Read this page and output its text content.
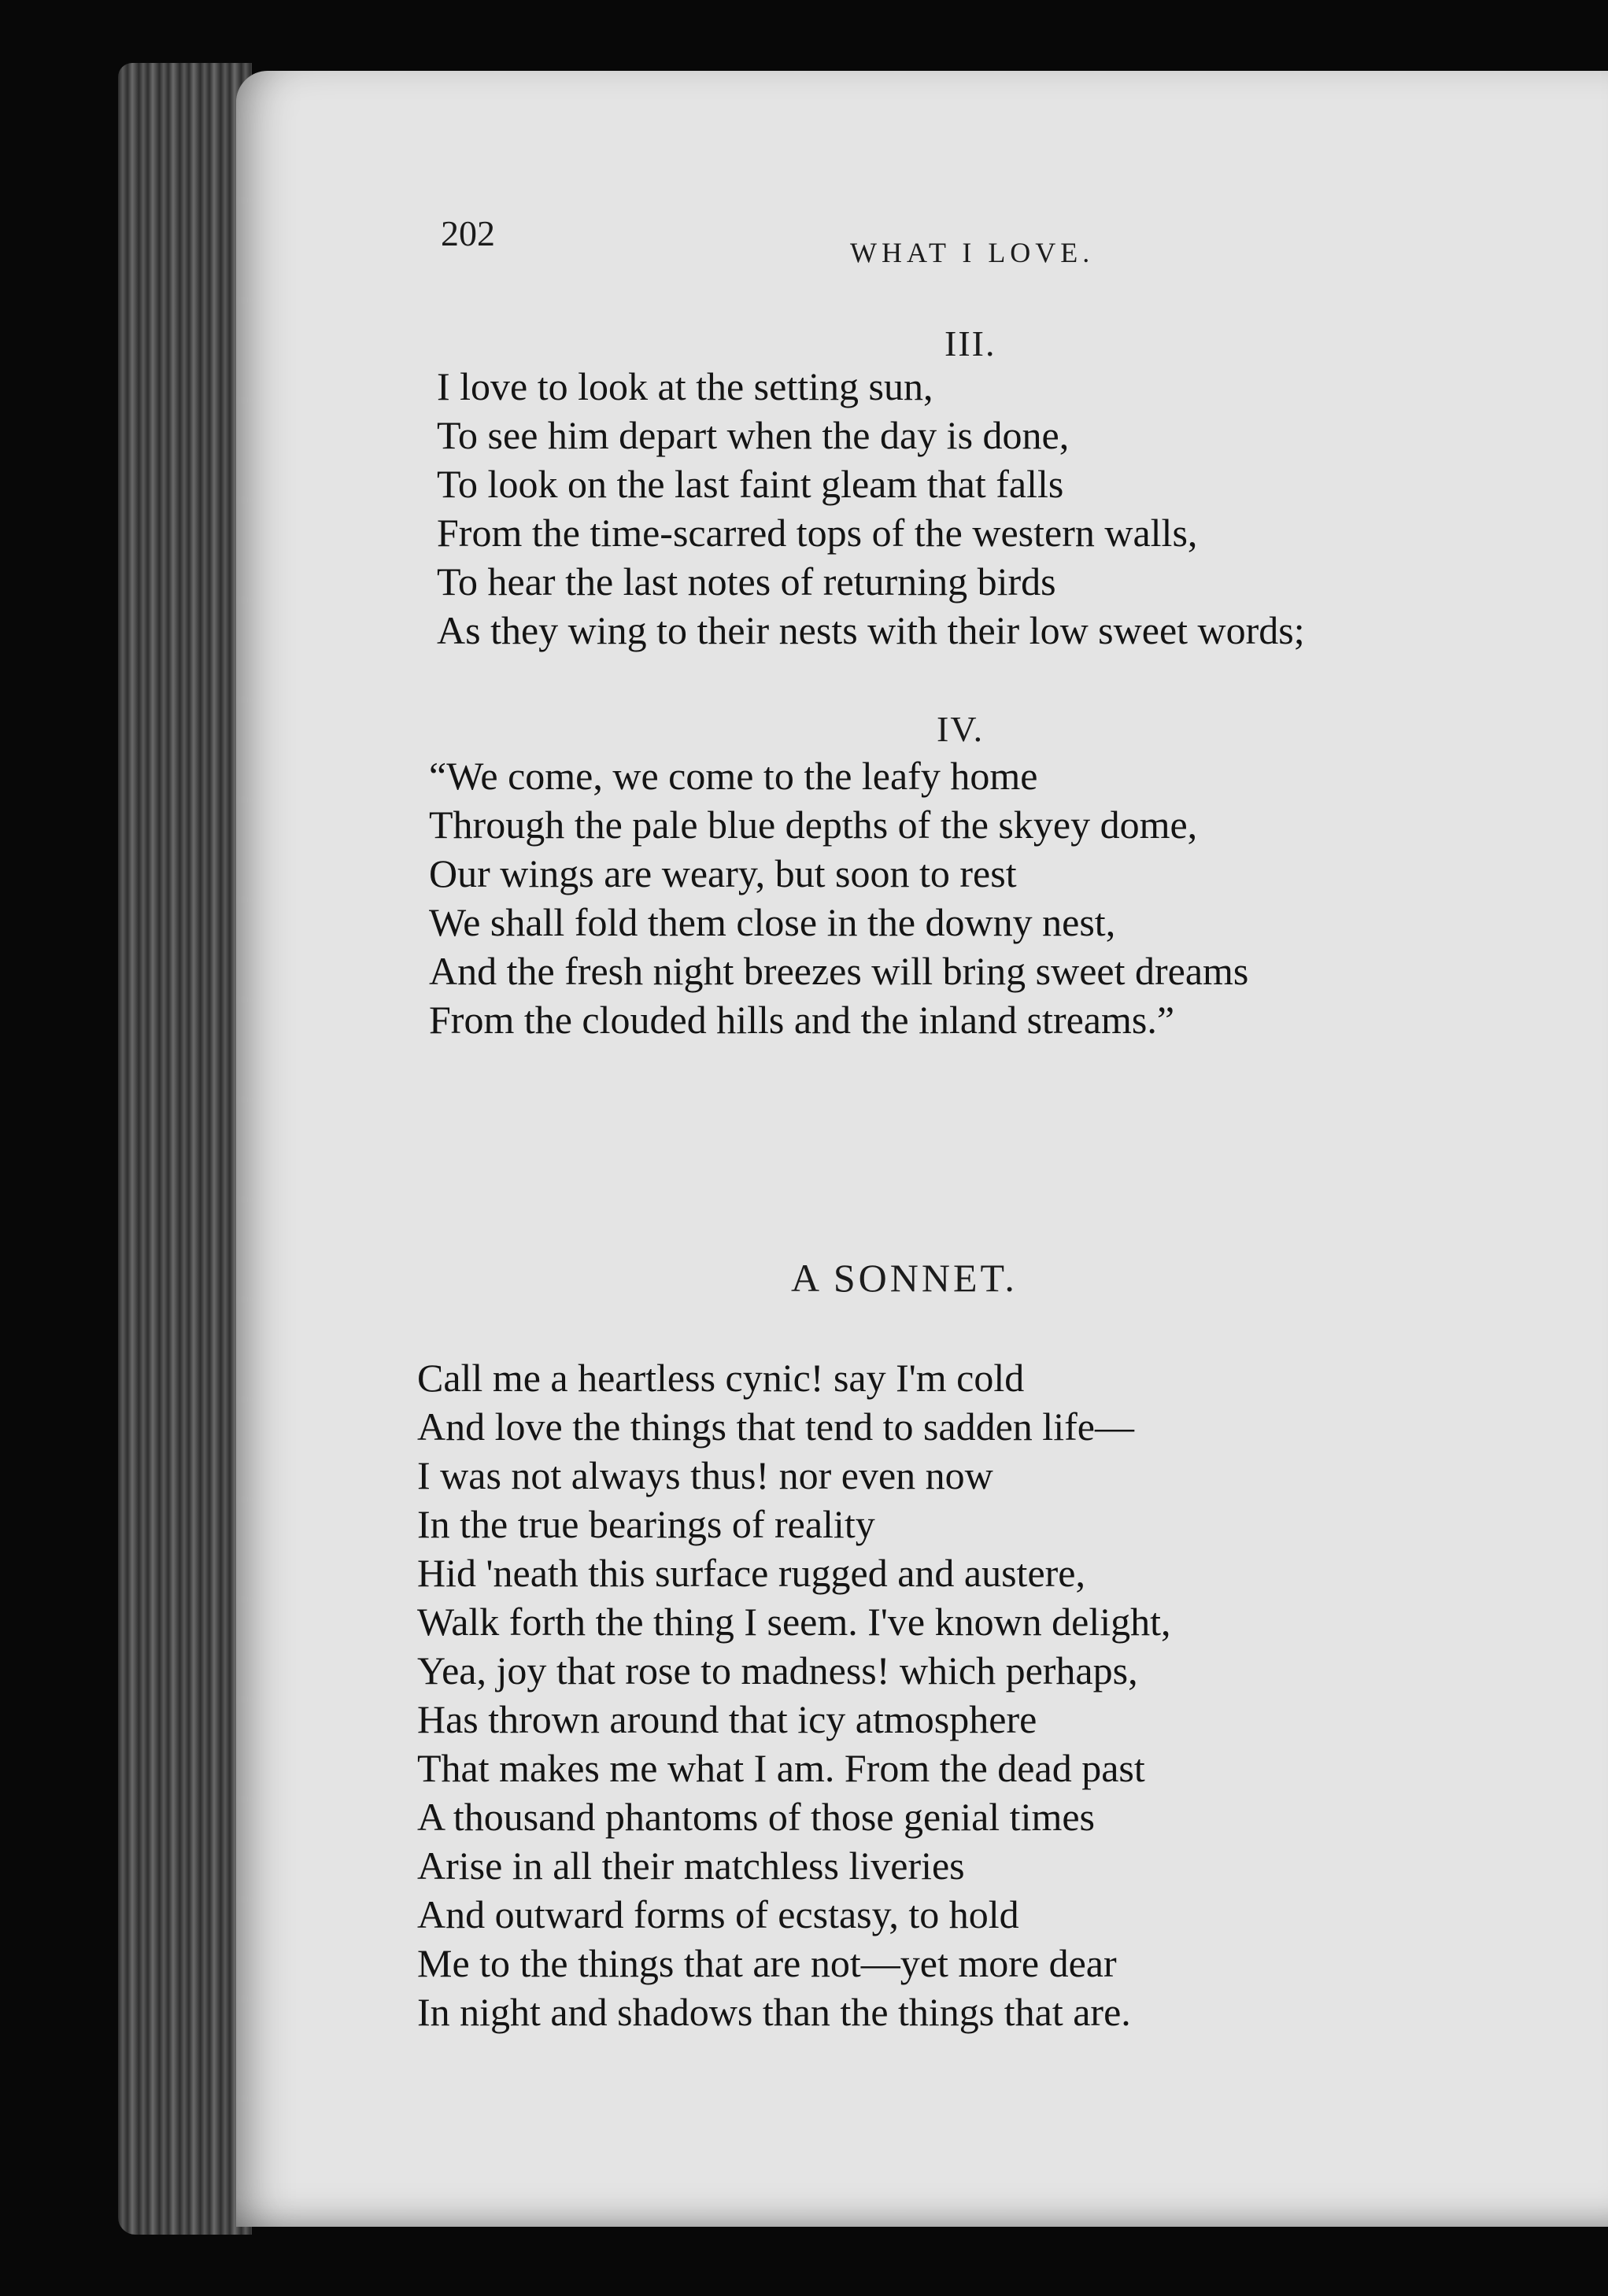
202	WHAT I LOVE.
III.
I love to look at the setting sun,
To see him depart when the day is done,
To look on the last faint gleam that falls
From the time-scarred tops of the western walls,
To hear the last notes of returning birds
As they wing to their nests with their low sweet words;
IV.
“We come, we come to the leafy home
Through the pale blue depths of the skyey dome,
Our wings are weary, but soon to rest
We shall fold them close in the downy nest,
And the fresh night breezes will bring sweet dreams
From the clouded hills and the inland streams.”
A SONNET.
Call me a heartless cynic! say I'm cold
And love the things that tend to sadden life—
I was not always thus! nor even now
In the true bearings of reality
Hid 'neath this surface rugged and austere,
Walk forth the thing I seem. I've known delight,
Yea, joy that rose to madness! which perhaps,
Has thrown around that icy atmosphere
That makes me what I am. From the dead past
A thousand phantoms of those genial times
Arise in all their matchless liveries
And outward forms of ecstasy, to hold
Me to the things that are not—yet more dear
In night and shadows than the things that are.
